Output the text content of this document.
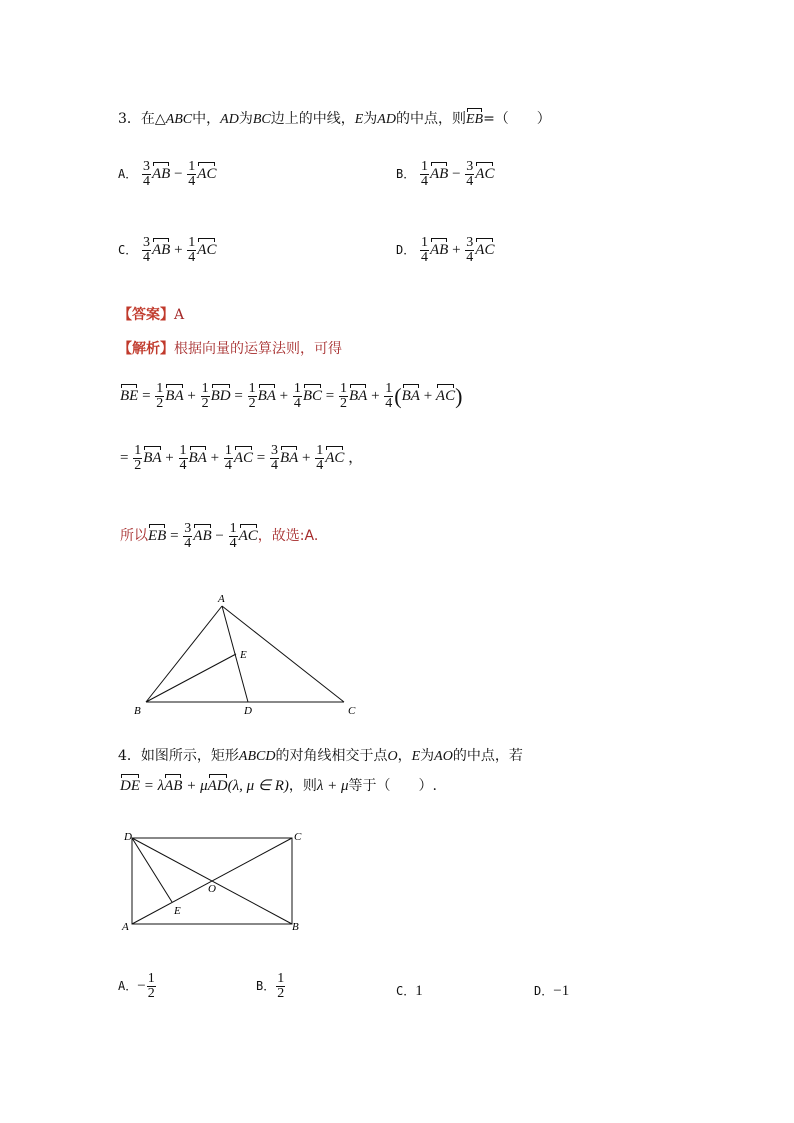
3．在△ABC中，AD为BC边上的中线，E为AD的中点，则EB=（　　）
A． $\frac{3}{4}$ AB − $\frac{1}{4}$ AC	B． $\frac{1}{4}$ AB − $\frac{3}{4}$ AC
C． $\frac{3}{4}$ AB + $\frac{1}{4}$ AC	D． $\frac{1}{4}$ AB + $\frac{3}{4}$ AC
【答案】A
【解析】根据向量的运算法则，可得
BE = $\frac{1}{2}$ BA + $\frac{1}{2}$ BD = $\frac{1}{2}$ BA + $\frac{1}{4}$ BC = $\frac{1}{2}$ BA + $\frac{1}{4} (BA + AC)$
= $\frac{1}{2}$ BA + $\frac{1}{4}$ BA + $\frac{1}{4}$ AC = $\frac{3}{4}$ BA + $\frac{1}{4}$ AC ，
所以EB = $\frac{3}{4}$ AB − $\frac{1}{4}$ AC，故选:A.
A
B	D	C
E
4．如图所示，矩形ABCD的对角线相交于点O，E为AO的中点，若
DE = λAB + μAD(λ, μ ∈ R)，则λ + μ等于（　　）.
D	C
A	B
O
E
A．− $\frac{1}{2}$	B． $\frac{1}{2}$	C．1	D．−1
